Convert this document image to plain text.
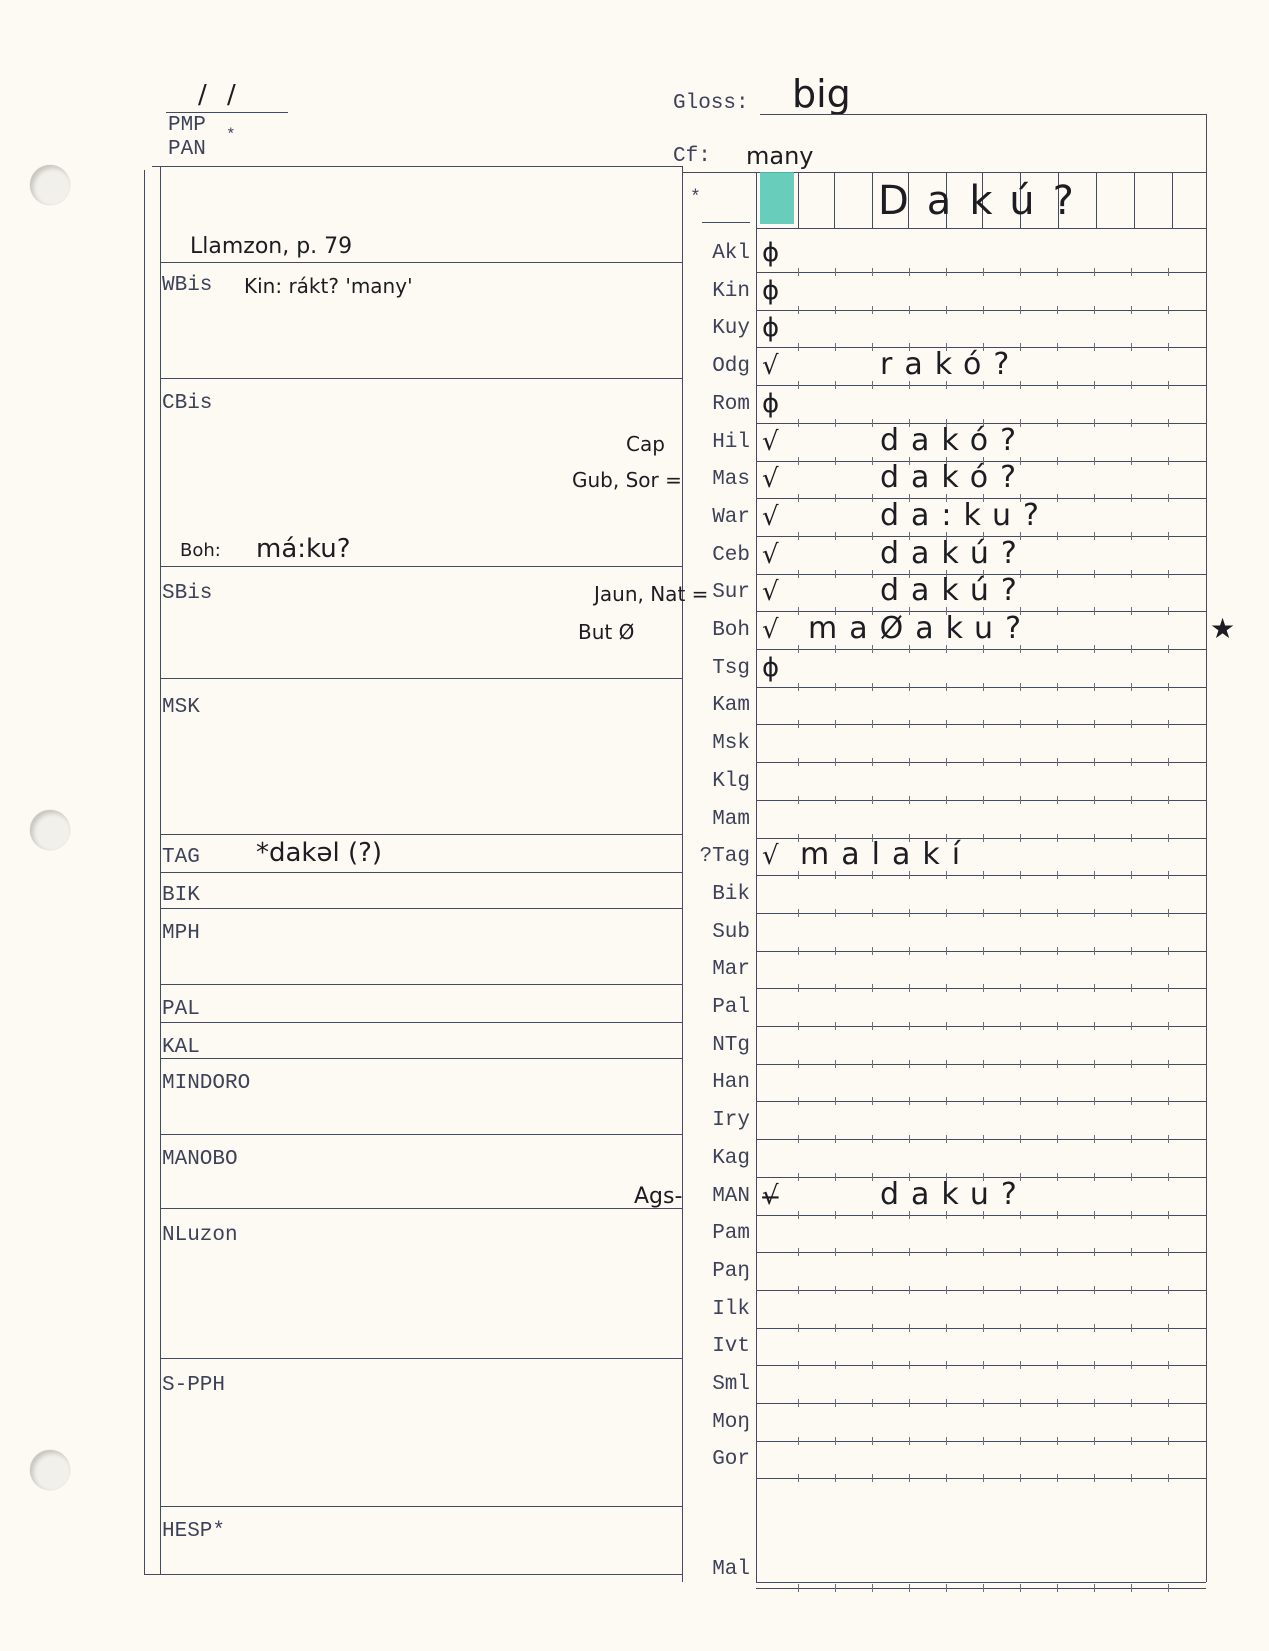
/ /
PMP
PAN
*
Gloss: big
Cf: many
*	Dakú?
Llamzon, p. 79
Kin: rákt? 'many'
Cap
Gub, Sor =
Boh: má:ku?
Jaun, Nat =
But Ø
*dakəl (?)
Ags-
WBis
CBis
SBis
MSK
TAG
BIK
MPH
PAL
KAL
MINDORO
MANOBO
NLuzon
S-PPH
HESP*
Akl ϕ
Kin ϕ
Kuy ϕ
Odg √	rakó?
Rom ϕ
Hil √	dakó?
Mas √	dakó?
War √	da:ku?
Ceb √	dakú?
Sur √	dakú?
Boh √ maØaku?
Tsg ϕ
Kam
Msk
Klg
Mam
?Tag √ malakí
Bik
Sub
Mar
Pal
NTg
Han
Iry
Kag
MAN √̶	daku?
Pam
Paŋ
Ilk
Ivt
Sml
Moŋ
Gor
Mal
★
